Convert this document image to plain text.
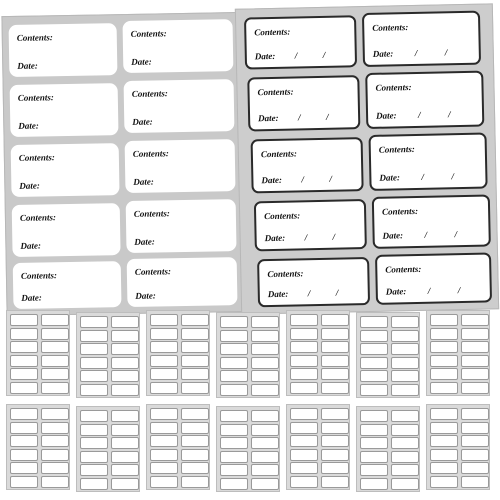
Contents:
Date:
Contents:
Date:
Contents:
Date:
Contents:
Date:
Contents:
Date:
Contents:
Date:
Contents:
Date:
Contents:
Date:
Contents:
Date:
Contents:
Date:
Contents:
Date: /	/
Contents:
Date: /	/
Contents:
Date: /	/
Contents:
Date: /	/
Contents:
Date: /	/
Contents:
Date: /	/
Contents:
Date: /	/
Contents:
Date: /	/
Contents:
Date: /	/
Contents:
Date: /	/
